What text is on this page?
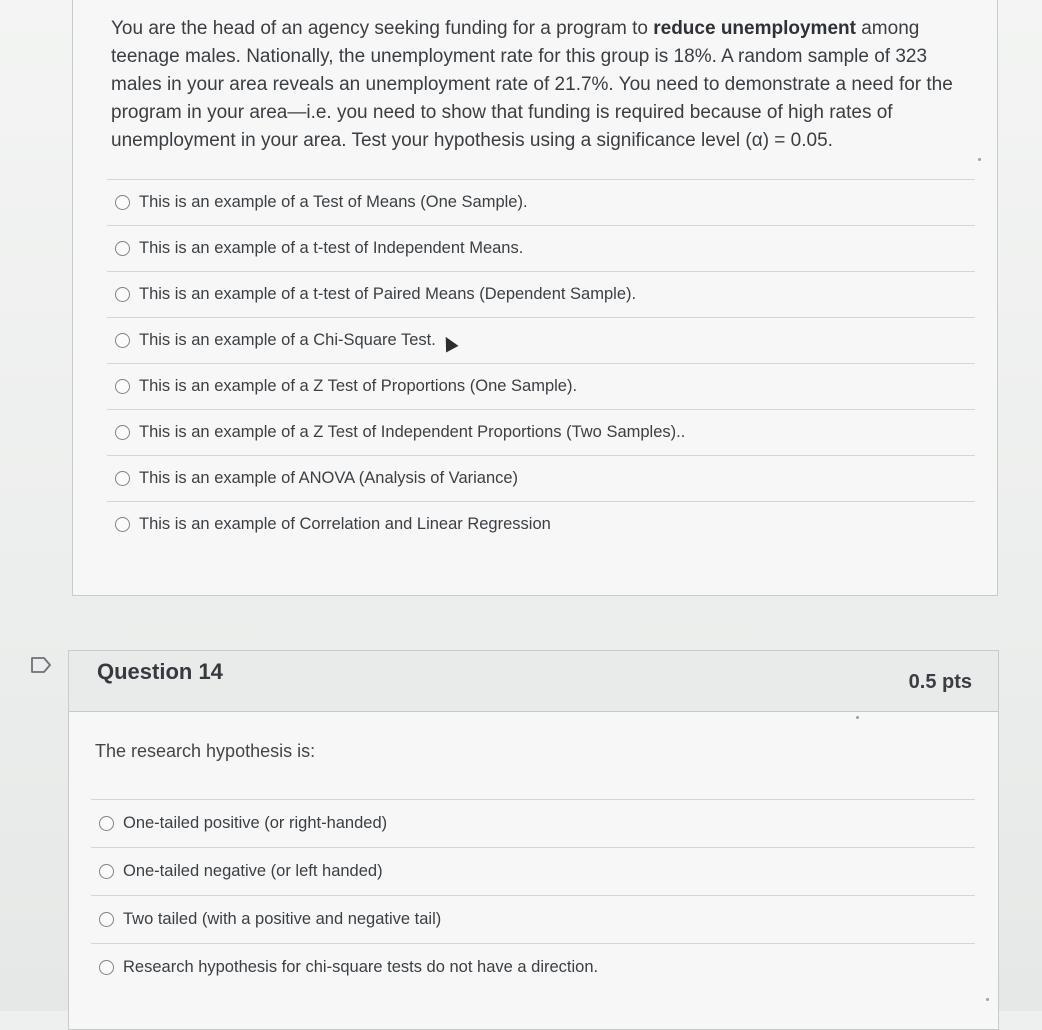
You are the head of an agency seeking funding for a program to reduce unemployment among teenage males. Nationally, the unemployment rate for this group is 18%. A random sample of 323 males in your area reveals an unemployment rate of 21.7%. You need to demonstrate a need for the program in your area—i.e. you need to show that funding is required because of high rates of unemployment in your area. Test your hypothesis using a significance level (α) = 0.05.
This is an example of a Test of Means (One Sample).
This is an example of a t-test of Independent Means.
This is an example of a t-test of Paired Means (Dependent Sample).
This is an example of a Chi-Square Test.
This is an example of a Z Test of Proportions (One Sample).
This is an example of a Z Test of Independent Proportions (Two Samples)..
This is an example of ANOVA (Analysis of Variance)
This is an example of Correlation and Linear Regression
Question 14	0.5 pts
The research hypothesis is:
One-tailed positive (or right-handed)
One-tailed negative (or left handed)
Two tailed (with a positive and negative tail)
Research hypothesis for chi-square tests do not have a direction.
